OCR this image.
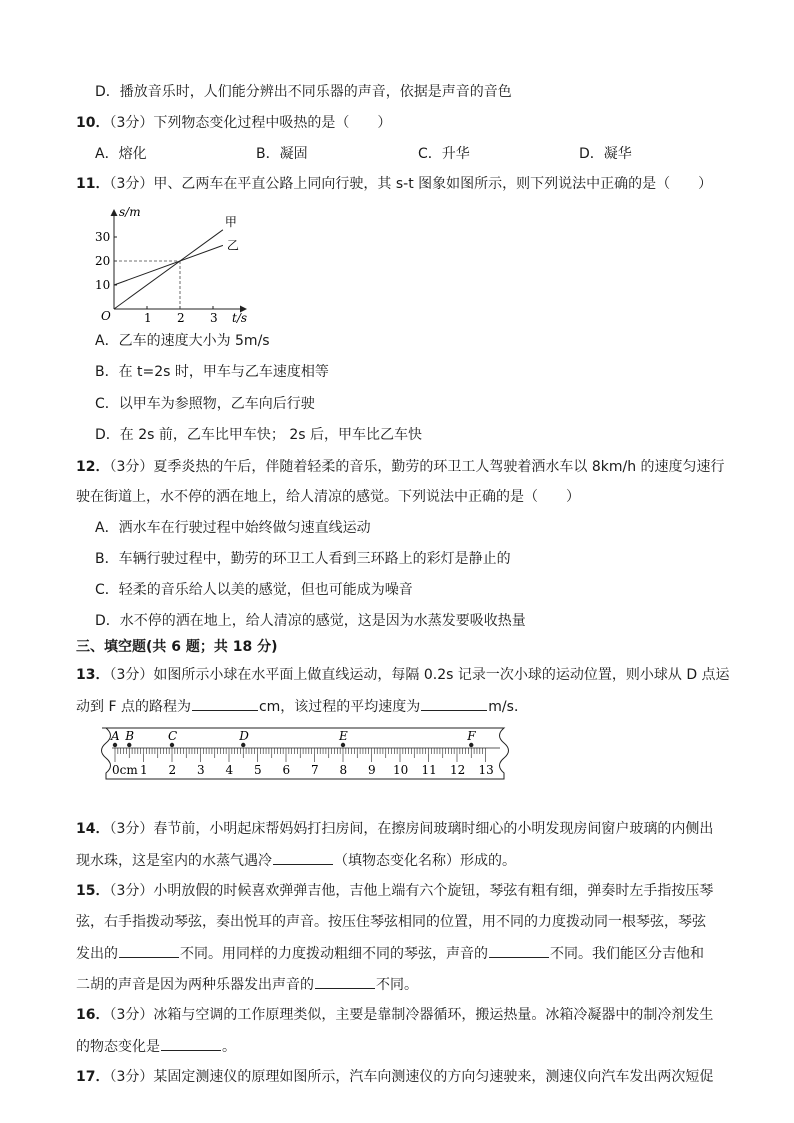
D．播放音乐时，人们能分辨出不同乐器的声音，依据是声音的音色
10．（3分）下列物态变化过程中吸热的是（　　）
A．熔化	B．凝固	C．升华	D．凝华
11．（3分）甲、乙两车在平直公路上同向行驶，其 s-t 图象如图所示，则下列说法中正确的是（　　）
s/m
t/s
O	1 2 3
10
20
30
甲
乙
A．乙车的速度大小为 5m/s
B．在 t=2s 时，甲车与乙车速度相等
C．以甲车为参照物，乙车向后行驶
D．在 2s 前，乙车比甲车快； 2s 后，甲车比乙车快
12．（3分）夏季炎热的午后，伴随着轻柔的音乐，勤劳的环卫工人驾驶着洒水车以 8km/h 的速度匀速行
驶在街道上，水不停的洒在地上，给人清凉的感觉。下列说法中正确的是（　　）
A．洒水车在行驶过程中始终做匀速直线运动
B．车辆行驶过程中，勤劳的环卫工人看到三环路上的彩灯是静止的
C．轻柔的音乐给人以美的感觉，但也可能成为噪音
D．水不停的洒在地上，给人清凉的感觉，这是因为水蒸发要吸收热量
三、填空题(共 6 题；共 18 分)
13．（3分）如图所示小球在水平面上做直线运动，每隔 0.2s 记录一次小球的运动位置，则小球从 D 点运
动到 F 点的路程为	cm，该过程的平均速度为	m/s．
0cm 1 2 3 4 5 6 7 8 9 10 11 12 13
A B	C	D	E	F
14．（3分）春节前，小明起床帮妈妈打扫房间，在擦房间玻璃时细心的小明发现房间窗户玻璃的内侧出
现水珠，这是室内的水蒸气遇冷	（填物态变化名称）形成的。
15．（3分）小明放假的时候喜欢弹弹吉他，吉他上端有六个旋钮，琴弦有粗有细，弹奏时左手指按压琴
弦，右手指拨动琴弦，奏出悦耳的声音。按压住琴弦相同的位置，用不同的力度拨动同一根琴弦，琴弦
发出的	不同。用同样的力度拨动粗细不同的琴弦，声音的	不同。我们能区分吉他和
二胡的声音是因为两种乐器发出声音的	不同。
16．（3分）冰箱与空调的工作原理类似，主要是靠制冷器循环，搬运热量。冰箱冷凝器中的制冷剂发生
的物态变化是	。
17．（3分）某固定测速仪的原理如图所示，汽车向测速仪的方向匀速驶来，测速仪向汽车发出两次短促
